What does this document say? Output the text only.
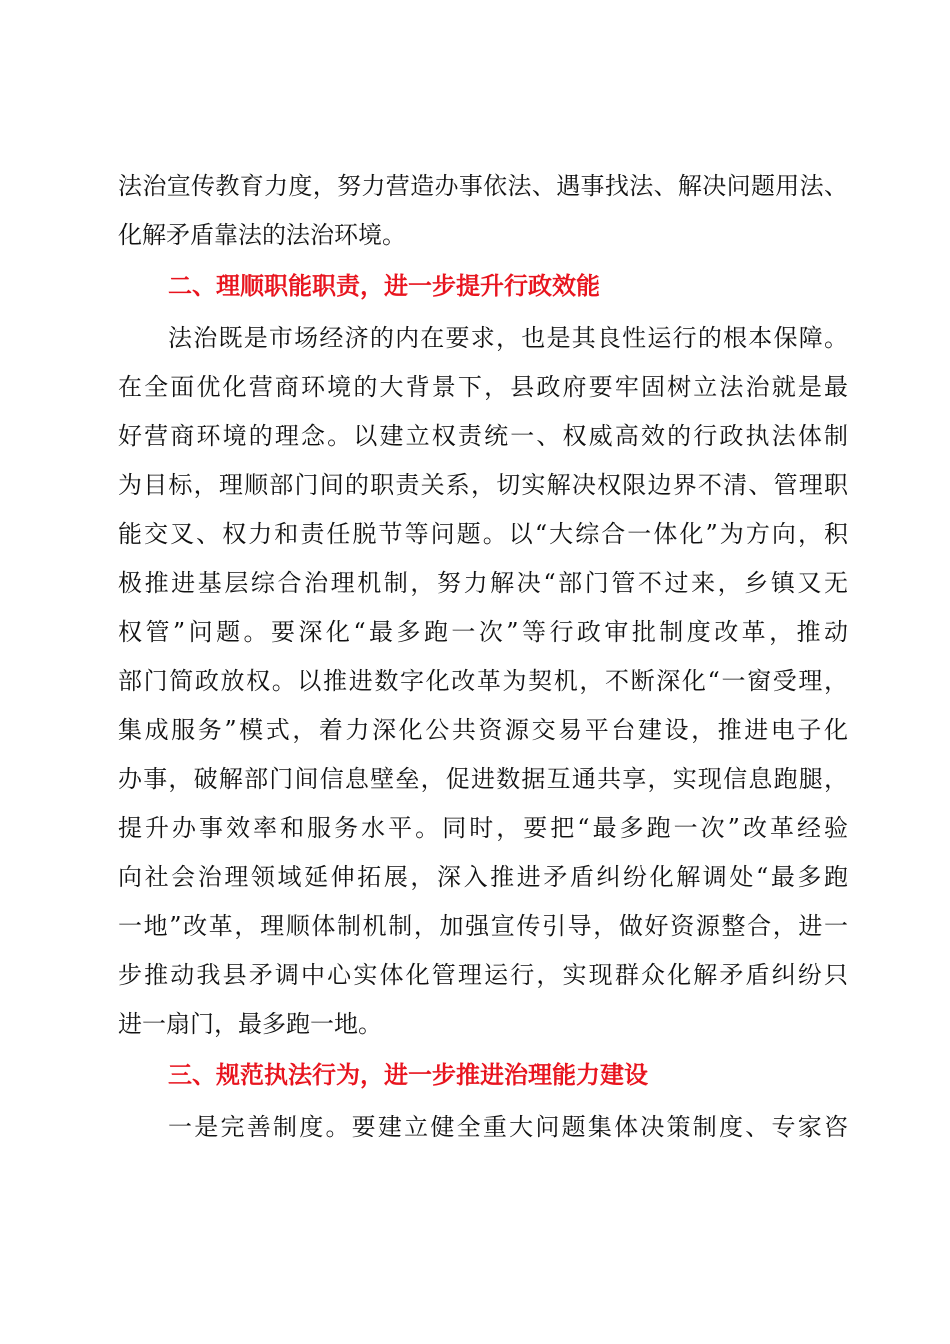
法治宣传教育力度，努力营造办事依法、遇事找法、解决问题用法、
化解矛盾靠法的法治环境。
二、理顺职能职责，进一步提升行政效能
法治既是市场经济的内在要求，也是其良性运行的根本保障。
在全面优化营商环境的大背景下，县政府要牢固树立法治就是最
好营商环境的理念。以建立权责统一、权威高效的行政执法体制
为目标，理顺部门间的职责关系，切实解决权限边界不清、管理职
能交叉、权力和责任脱节等问题。以“大综合一体化”为方向，积
极推进基层综合治理机制，努力解决“部门管不过来，乡镇又无
权管”问题。要深化“最多跑一次”等行政审批制度改革，推动
部门简政放权。以推进数字化改革为契机，不断深化“一窗受理，
集成服务”模式，着力深化公共资源交易平台建设，推进电子化
办事，破解部门间信息壁垒，促进数据互通共享，实现信息跑腿，
提升办事效率和服务水平。同时，要把“最多跑一次”改革经验
向社会治理领域延伸拓展，深入推进矛盾纠纷化解调处“最多跑
一地”改革，理顺体制机制，加强宣传引导，做好资源整合，进一
步推动我县矛调中心实体化管理运行，实现群众化解矛盾纠纷只
进一扇门，最多跑一地。
三、规范执法行为，进一步推进治理能力建设
一是完善制度。要建立健全重大问题集体决策制度、专家咨
